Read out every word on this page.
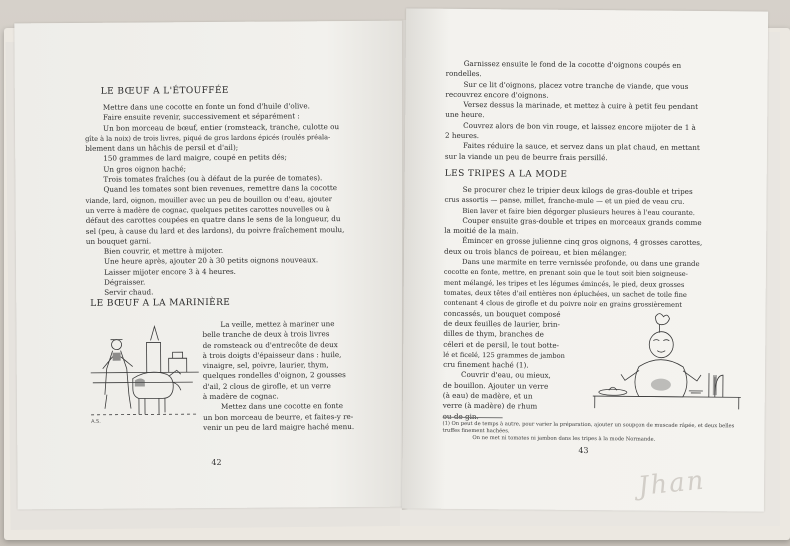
LE BŒUF A L'ÉTOUFFÉE

Mettre dans une cocotte en fonte un fond d'huile d'olive.

Faire ensuite revenir, successivement et séparément :

Un bon morceau de bœuf, entier (romsteack, tranche, culotte ou

gîte à la noix) de trois livres, piqué de gros lardons épicés (roulés préala-

blement dans un hâchis de persil et d'ail);

150 grammes de lard maigre, coupé en petits dés;

Un gros oignon haché;

Trois tomates fraîches (ou à défaut de la purée de tomates).

Quand les tomates sont bien revenues, remettre dans la cocotte

viande, lard, oignon, mouiller avec un peu de bouillon ou d'eau, ajouter

un verre à madère de cognac, quelques petites carottes nouvelles ou à

défaut des carottes coupées en quatre dans le sens de la longueur, du

sel (peu, à cause du lard et des lardons), du poivre fraîchement moulu,

un bouquet garni.

Bien couvrir, et mettre à mijoter.

Une heure après, ajouter 20 à 30 petits oignons nouveaux.

Laisser mijoter encore 3 à 4 heures.

Dégraisser.

Servir chaud.

LE BŒUF A LA MARINIÈRE
A.S.

La veille, mettez à mariner une

belle tranche de deux à trois livres

de romsteack ou d'entrecôte de deux

à trois doigts d'épaisseur dans : huile,

vinaigre, sel, poivre, laurier, thym,

quelques rondelles d'oignon, 2 gousses

d'ail, 2 clous de girofle, et un verre

à madère de cognac.

Mettez dans une cocotte en fonte

un bon morceau de beurre, et faites-y re-

venir un peu de lard maigre haché menu.

42

Garnissez ensuite le fond de la cocotte d'oignons coupés en

rondelles.

Sur ce lit d'oignons, placez votre tranche de viande, que vous

recouvrez encore d'oignons.

Versez dessus la marinade, et mettez à cuire à petit feu pendant

une heure.

Couvrez alors de bon vin rouge, et laissez encore mijoter de 1 à

2 heures.

Faites réduire la sauce, et servez dans un plat chaud, en mettant

sur la viande un peu de beurre frais persillé.

LES TRIPES A LA MODE

Se procurer chez le tripier deux kilogs de gras-double et tripes

crus assortis — panse, millet, franche-mule — et un pied de veau cru.

Bien laver et faire bien dégorger plusieurs heures à l'eau courante.

Couper ensuite gras-double et tripes en morceaux grands comme

la moitié de la main.

Émincer en grosse julienne cinq gros oignons, 4 grosses carottes,

deux ou trois blancs de poireau, et bien mélanger.

Dans une marmite en terre vernissée profonde, ou dans une grande

cocotte en fonte, mettre, en prenant soin que le tout soit bien soigneuse-

ment mélangé, les tripes et les légumes émincés, le pied, deux grosses

tomates, deux têtes d'ail entières non épluchées, un sachet de toile fine

contenant 4 clous de girofle et du poivre noir en grains grossièrement

concassés, un bouquet composé

de deux feuilles de laurier, brin-

dilles de thym, branches de

céleri et de persil, le tout botte-

lé et ficelé, 125 grammes de jambon

cru finement haché (1).

Couvrir d'eau, ou mieux,

de bouillon. Ajouter un verre

(à eau) de madère, et un

verre (à madère) de rhum

ou de gin.

(1) On peut de temps à autre, pour varier la préparation, ajouter un soupçon de muscade râpée, et deux belles truffes finement hachées.
On ne met ni tomates ni jambon dans les tripes à la mode Normande.
43
Jhan
